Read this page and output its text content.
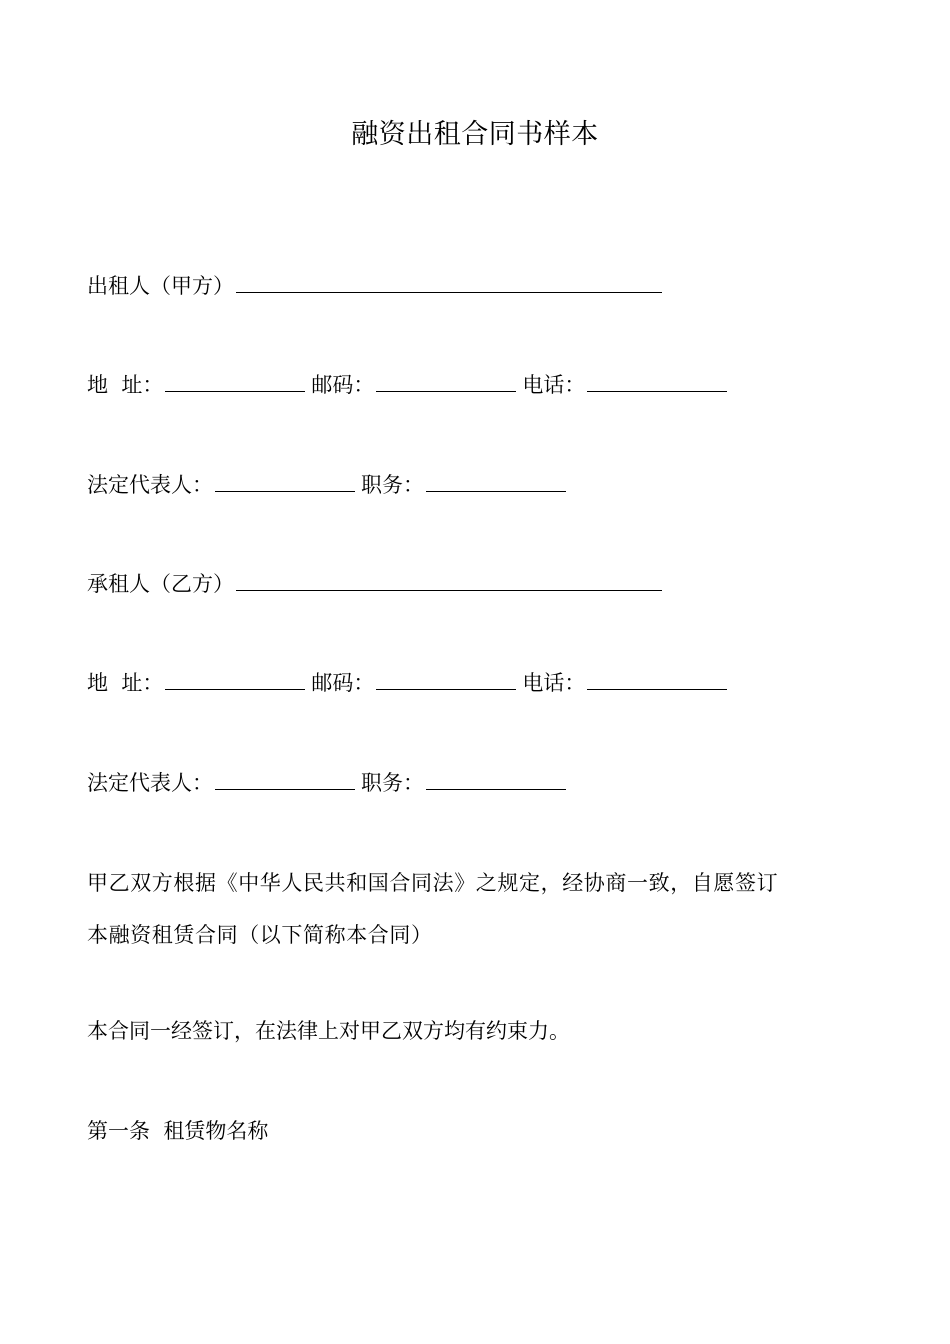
融资出租合同书样本
出租人（甲方）
地  址：	邮码：	电话：
法定代表人：	职务：
承租人（乙方）
地  址：	邮码：	电话：
法定代表人：	职务：
甲乙双方根据《中华人民共和国合同法》之规定，经协商一致，自愿签订
本融资租赁合同（以下简称本合同）
本合同一经签订，在法律上对甲乙双方均有约束力。
第一条  租赁物名称
